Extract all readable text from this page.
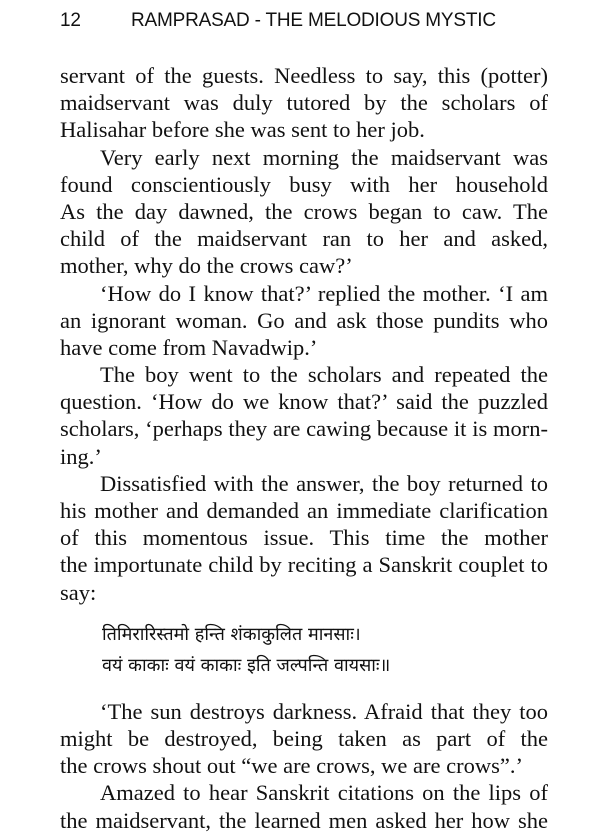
12	RAMPRASAD - THE MELODIOUS MYSTIC
servant of the guests. Needless to say, this (potter)
maidservant was duly tutored by the scholars of
Halisahar before she was sent to her job.
Very early next morning the maidservant was
found conscientiously busy with her household
As the day dawned, the crows began to caw. The
child of the maidservant ran to her and asked,
mother, why do the crows caw?’
‘How do I know that?’ replied the mother. ‘I am
an ignorant woman. Go and ask those pundits who
have come from Navadwip.’
The boy went to the scholars and repeated the
question. ‘How do we know that?’ said the puzzled
scholars, ‘perhaps they are cawing because it is morn-
ing.’
Dissatisfied with the answer, the boy returned to
his mother and demanded an immediate clarification
of this momentous issue. This time the mother
the importunate child by reciting a Sanskrit couplet to
say:
तिमिरारिस्तमो हन्ति शंकाकुलित मानसाः।
वयं काकाः वयं काकाः इति जल्पन्ति वायसाः॥
‘The sun destroys darkness. Afraid that they too
might be destroyed, being taken as part of the
the crows shout out “we are crows, we are crows”.’
Amazed to hear Sanskrit citations on the lips of
the maidservant, the learned men asked her how she
